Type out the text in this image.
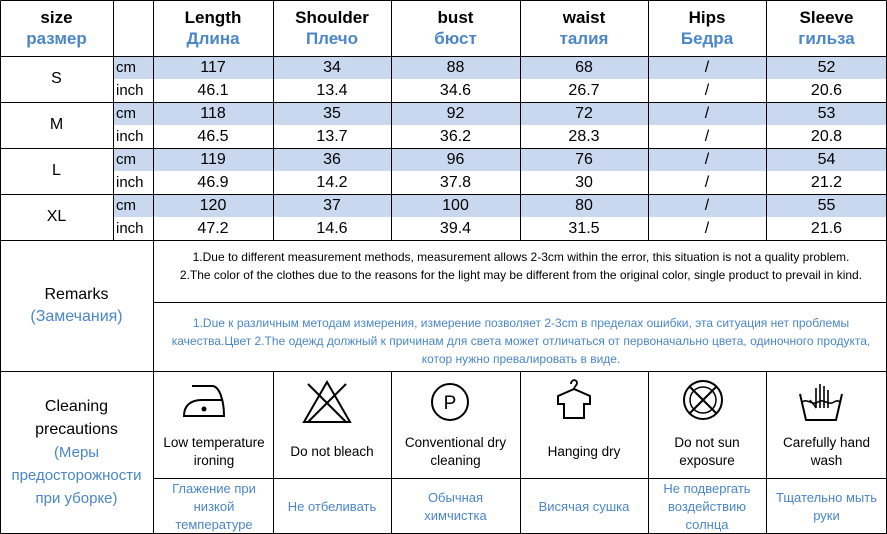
size
размер
Length
Длина
Shoulder
Плечо
bust
бюст
waist
талия
Hips
Бедра
Sleeve
гильза
S
cm
inch
117
46.1
34
13.4
88
34.6
68
26.7
/
/
52
20.6
M
cm
inch
118
46.5
35
13.7
92
36.2
72
28.3
/
/
53
20.8
L
cm
inch
119
46.9
36
14.2
96
37.8
76
30
/
/
54
21.2
XL
cm
inch
120
47.2
37
14.6
100
39.4
80
31.5
/
/
55
21.6
Remarks
(Замечания)
1.Due to different measurement methods, measurement allows 2-3cm within the error, this situation is not a quality problem.
2.The color of the clothes due to the reasons for the light may be different from the original color, single product to prevail in kind.
1.Due к различным методам измерения, измерение позволяет 2-3cm в пределах ошибки, эта ситуация нет проблемы качества.Цвет 2.The одежд должный к причинам для света может отличаться от первоначально цвета, одиночного продукта, котор нужно превалировать в виде.
Cleaning precautions
(Меры предосторожности при уборке)
P
Low temperature ironing
Do not bleach
Conventional dry cleaning
Hanging dry
Do not sun exposure
Carefully hand wash
Глажение при низкой температуре
Не отбеливать
Обычная химчистка
Висячая сушка
Не подвергать воздействию солнца
Тщательно мыть руки
